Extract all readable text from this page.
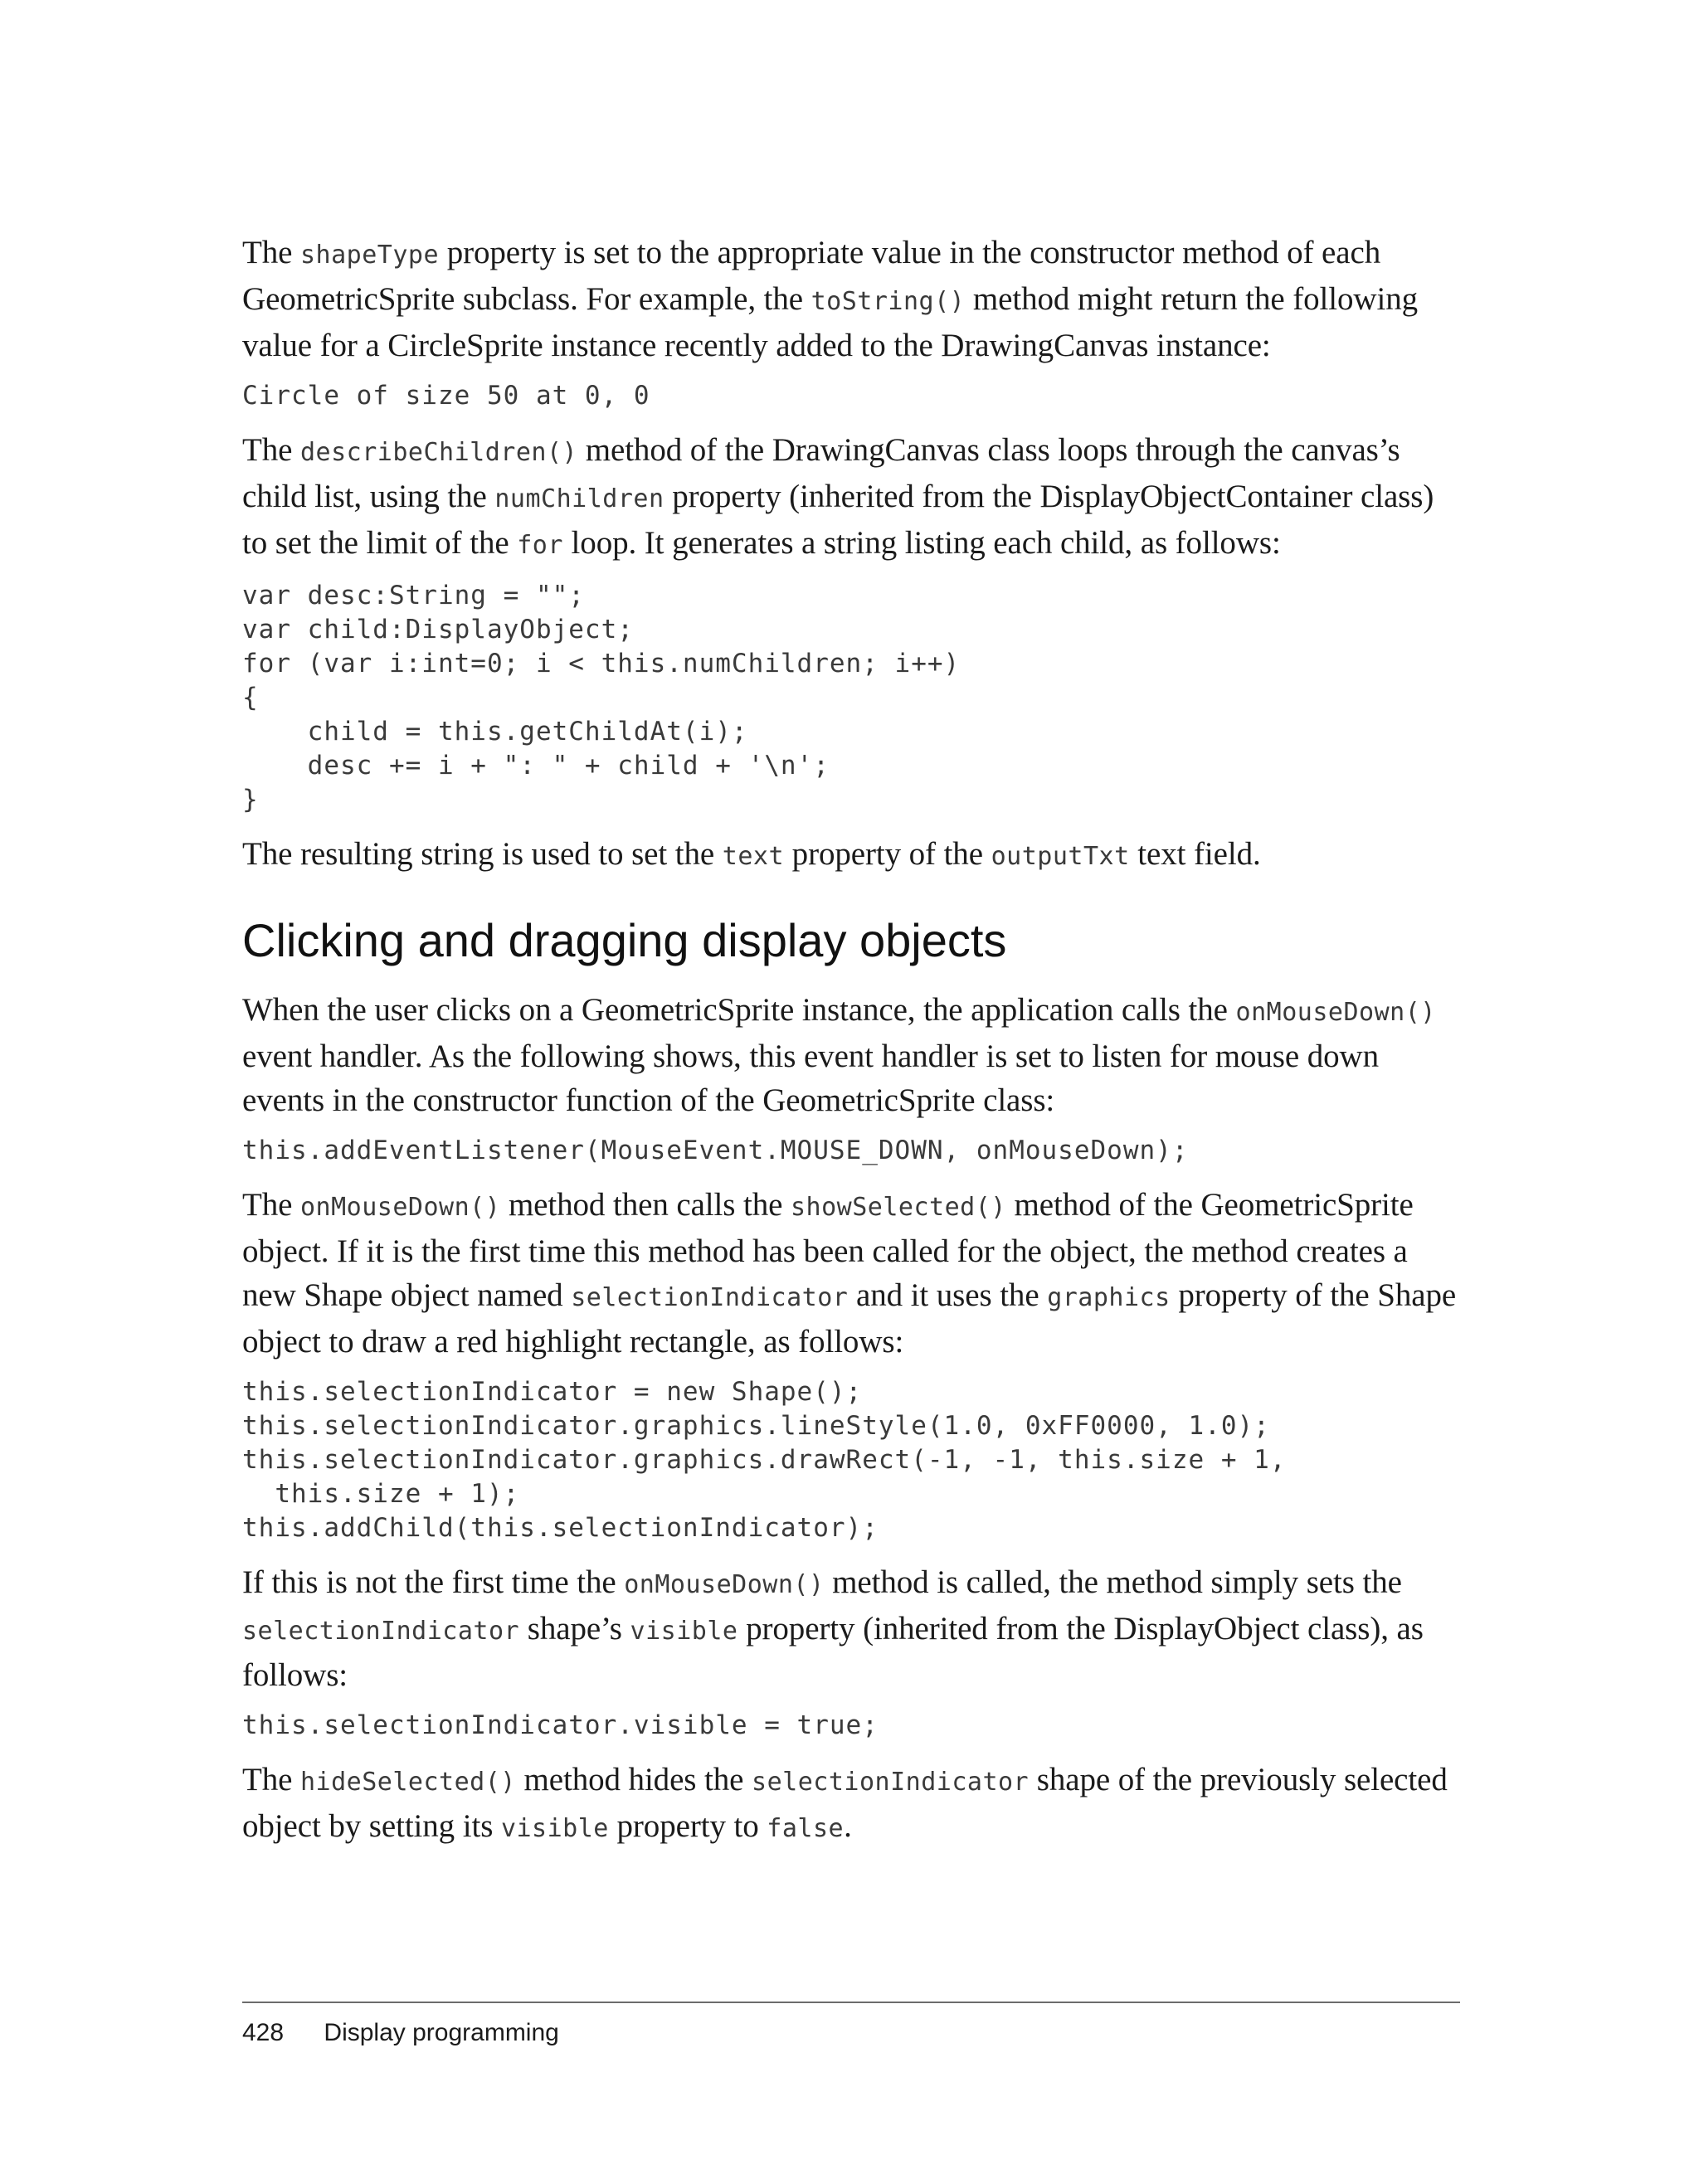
The shapeType property is set to the appropriate value in the constructor method of each GeometricSprite subclass. For example, the toString() method might return the following value for a CircleSprite instance recently added to the DrawingCanvas instance:

Circle of size 50 at 0, 0

The describeChildren() method of the DrawingCanvas class loops through the canvas’s child list, using the numChildren property (inherited from the DisplayObjectContainer class) to set the limit of the for loop. It generates a string listing each child, as follows:

var desc:String = "";
var child:DisplayObject;
for (var i:int=0; i < this.numChildren; i++)
{
child = this.getChildAt(i);
desc += i + ": " + child + '\n';
}

The resulting string is used to set the text property of the outputTxt text field.

Clicking and dragging display objects

When the user clicks on a GeometricSprite instance, the application calls the onMouseDown() event handler. As the following shows, this event handler is set to listen for mouse down events in the constructor function of the GeometricSprite class:

this.addEventListener(MouseEvent.MOUSE_DOWN, onMouseDown);

The onMouseDown() method then calls the showSelected() method of the GeometricSprite object. If it is the first time this method has been called for the object, the method creates a new Shape object named selectionIndicator and it uses the graphics property of the Shape object to draw a red highlight rectangle, as follows:

this.selectionIndicator = new Shape();
this.selectionIndicator.graphics.lineStyle(1.0, 0xFF0000, 1.0);
this.selectionIndicator.graphics.drawRect(-1, -1, this.size + 1,
this.size + 1);
this.addChild(this.selectionIndicator);

If this is not the first time the onMouseDown() method is called, the method simply sets the selectionIndicator shape’s visible property (inherited from the DisplayObject class), as follows:

this.selectionIndicator.visible = true;

The hideSelected() method hides the selectionIndicator shape of the previously selected object by setting its visible property to false.

428 Display programming
